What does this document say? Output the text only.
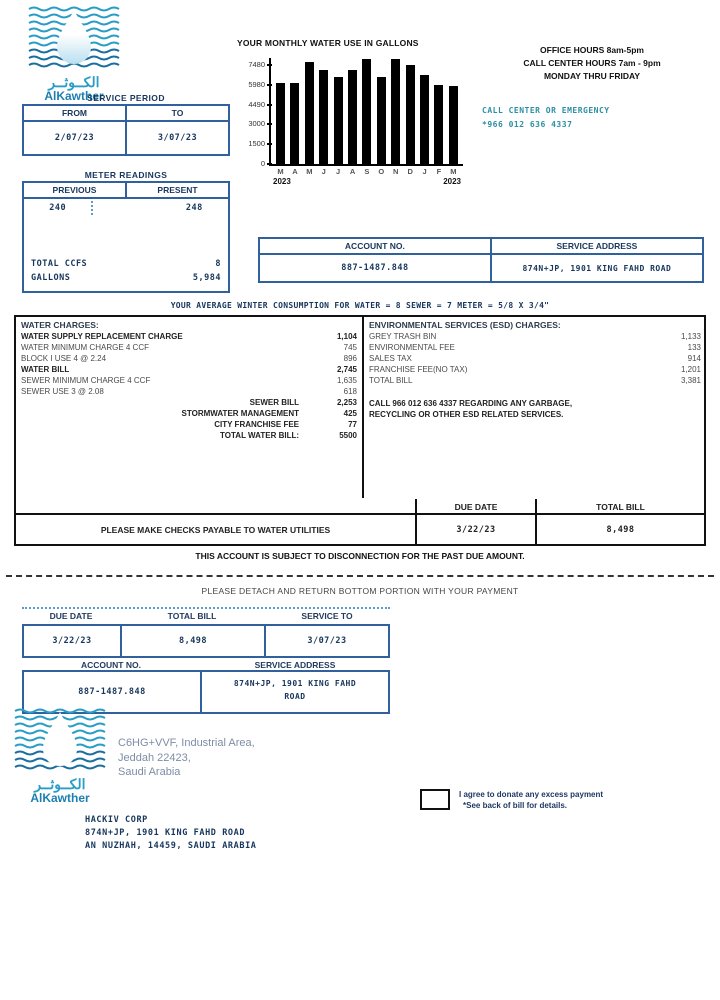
الكــوثــر
AlKawther
SERVICE PERIOD
FROM	TO
2/07/23	3/07/23
METER READINGS
PREVIOUS	PRESENT
240	248
TOTAL CCFS	8
GALLONS	5,984
YOUR MONTHLY WATER USE IN GALLONS
M A M	J	J	A S O N D	J	F M
2023	2023
7480
5980
4490
3000
1500
0
OFFICE HOURS 8am-5pm
CALL CENTER HOURS 7am - 9pm
MONDAY THRU FRIDAY
CALL CENTER OR EMERGENCY
*966 012 636 4337
ACCOUNT NO.	SERVICE ADDRESS
887-1487.848	874N+JP, 1901 KING FAHD ROAD
YOUR AVERAGE WINTER CONSUMPTION FOR WATER = 8 SEWER = 7 METER = 5/8 X 3/4"
WATER CHARGES:
WATER SUPPLY REPLACEMENT CHARGE	1,104
WATER MINIMUM CHARGE 4 CCF	745
BLOCK I USE 4 @ 2.24	896
WATER BILL	2,745
SEWER MINIMUM CHARGE 4 CCF	1,635
SEWER USE 3 @ 2.08	618
SEWER BILL	2,253
STORMWATER MANAGEMENT	425
CITY FRANCHISE FEE	77
TOTAL WATER BILL:	5500
ENVIRONMENTAL SERVICES (ESD) CHARGES:
GREY TRASH BIN	1,133
ENVIRONMENTAL FEE	133
SALES TAX	914
FRANCHISE FEE(NO TAX)	1,201
TOTAL BILL	3,381
CALL 966 012 636 4337 REGARDING ANY GARBAGE,
RECYCLING OR OTHER ESD RELATED SERVICES.
DUE DATE	TOTAL BILL
PLEASE MAKE CHECKS PAYABLE TO WATER UTILITIES	3/22/23	8,498
THIS ACCOUNT IS SUBJECT TO DISCONNECTION FOR THE PAST DUE AMOUNT.
PLEASE DETACH AND RETURN BOTTOM PORTION WITH YOUR PAYMENT
DUE DATE	TOTAL BILL	SERVICE TO
3/22/23	8,498	3/07/23
ACCOUNT NO.	SERVICE ADDRESS
887-1487.848
874N+JP, 1901 KING FAHD
ROAD
الكــوثــر
AlKawther
C6HG+VVF, Industrial Area,
Jeddah 22423,
Saudi Arabia
HACKIV CORP
874N+JP, 1901 KING FAHD ROAD
AN NUZHAH, 14459, SAUDI ARABIA
I agree to donate any excess payment
*See back of bill for details.
